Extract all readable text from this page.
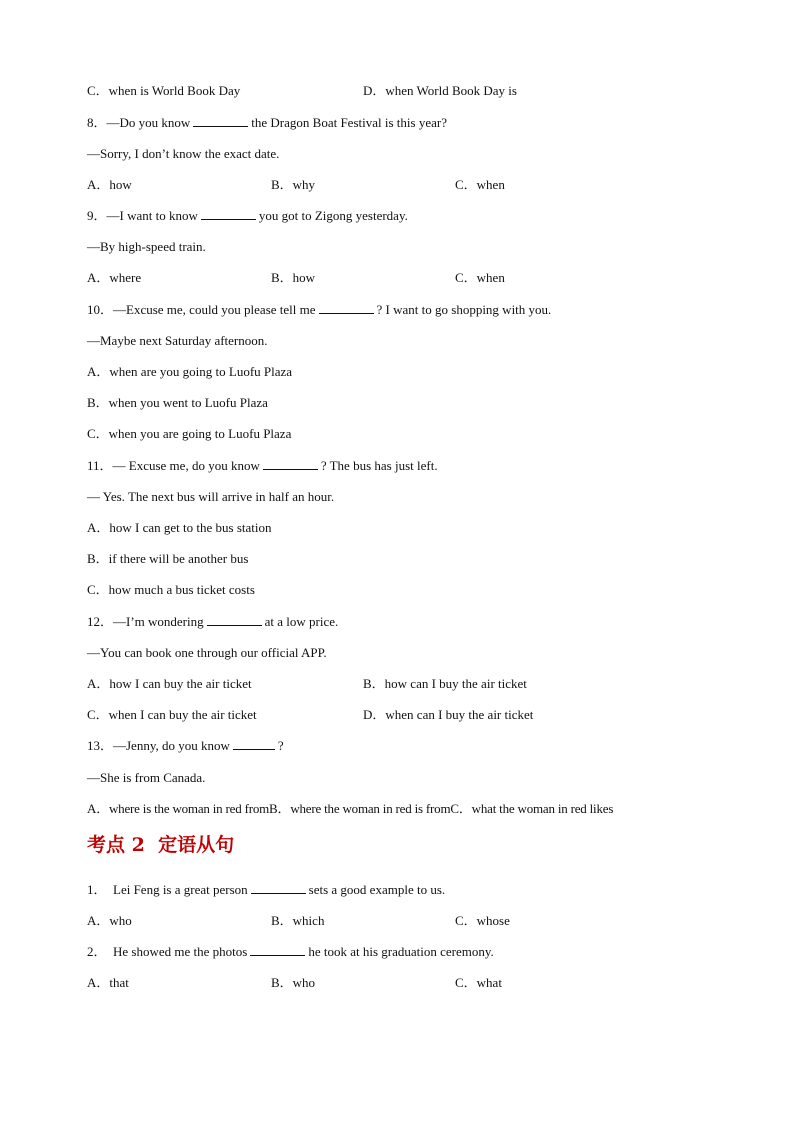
C．when is World Book Day	D．when World Book Day is
8．—Do you know	the Dragon Boat Festival is this year?
—Sorry, I don’t know the exact date.
A．how	B．why	C．when
9．—I want to know	you got to Zigong yesterday.
—By high-speed train.
A．where	B．how	C．when
10．—Excuse me, could you please tell me	? I want to go shopping with you.
—Maybe next Saturday afternoon.
A．when are you going to Luofu Plaza
B．when you went to Luofu Plaza
C．when you are going to Luofu Plaza
11．— Excuse me, do you know	? The bus has just left.
— Yes. The next bus will arrive in half an hour.
A．how I can get to the bus station
B．if there will be another bus
C．how much a bus ticket costs
12．—I’m wondering	at a low price.
—You can book one through our official APP.
A．how I can buy the air ticket	B．how can I buy the air ticket
C．when I can buy the air ticket	D．when can I buy the air ticket
13．—Jenny, do you know	?
—She is from Canada.
A．where is the woman in red fromB．where the woman in red is fromC．what the woman in red likes
考点 2  定语从句
1．  Lei Feng is a great person	sets a good example to us.
A．who	B．which	C．whose
2．  He showed me the photos	he took at his graduation ceremony.
A．that	B．who	C．what
